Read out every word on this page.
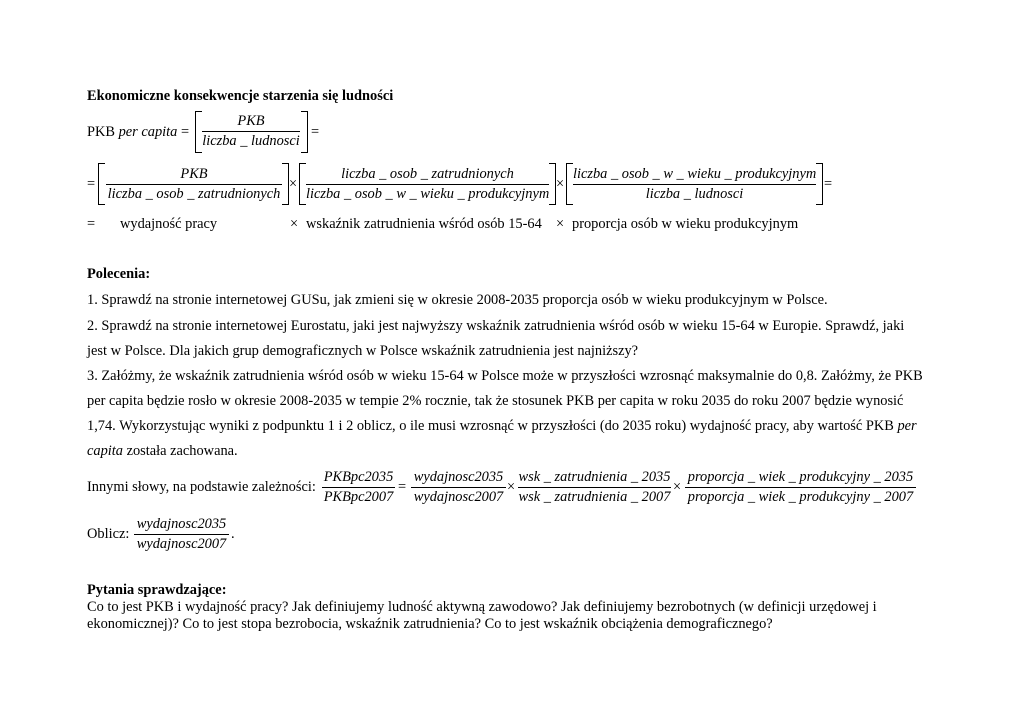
Ekonomiczne konsekwencje starzenia się ludności
PKB per capita =
PKB
liczba _ ludnosci
=
=
PKB
liczba _ osob _ zatrudnionych
×
liczba _ osob _ zatrudnionych
liczba _ osob _ w _ wieku _ produkcyjnym
×
liczba _ osob _ w _ wieku _ produkcyjnym
liczba _ ludnosci
=
= wydajność pracy	× wskaźnik zatrudnienia wśród osób 15-64 × proporcja osób w wieku produkcyjnym
Polecenia:
1. Sprawdź na stronie internetowej GUSu, jak zmieni się w okresie 2008-2035 proporcja osób w wieku produkcyjnym w Polsce.
2. Sprawdź na stronie internetowej Eurostatu, jaki jest najwyższy wskaźnik zatrudnienia wśród osób w wieku 15-64 w Europie. Sprawdź, jaki
jest w Polsce. Dla jakich grup demograficznych w Polsce wskaźnik zatrudnienia jest najniższy?
3. Załóżmy, że wskaźnik zatrudnienia wśród osób w wieku 15-64 w Polsce może w przyszłości wzrosnąć maksymalnie do 0,8. Załóżmy, że PKB
per capita będzie rosło w okresie 2008-2035 w tempie 2% rocznie, tak że stosunek PKB per capita w roku 2035 do roku 2007 będzie wynosić
1,74. Wykorzystując wyniki z podpunktu 1 i 2 oblicz, o ile musi wzrosnąć w przyszłości (do 2035 roku) wydajność pracy, aby wartość PKB per
capita została zachowana.
Innymi słowy, na podstawie zależności:
PKBpc2035
PKBpc2007
=
wydajnosc2035
wydajnosc2007
×
wsk _ zatrudnienia _ 2035
wsk _ zatrudnienia _ 2007
×
proporcja _ wiek _ produkcyjny _ 2035
proporcja _ wiek _ produkcyjny _ 2007
Oblicz:
wydajnosc2035
wydajnosc2007
.
Pytania sprawdzające:
Co to jest PKB i wydajność pracy? Jak definiujemy ludność aktywną zawodowo? Jak definiujemy bezrobotnych (w definicji urzędowej i
ekonomicznej)? Co to jest stopa bezrobocia, wskaźnik zatrudnienia? Co to jest wskaźnik obciążenia demograficznego?
